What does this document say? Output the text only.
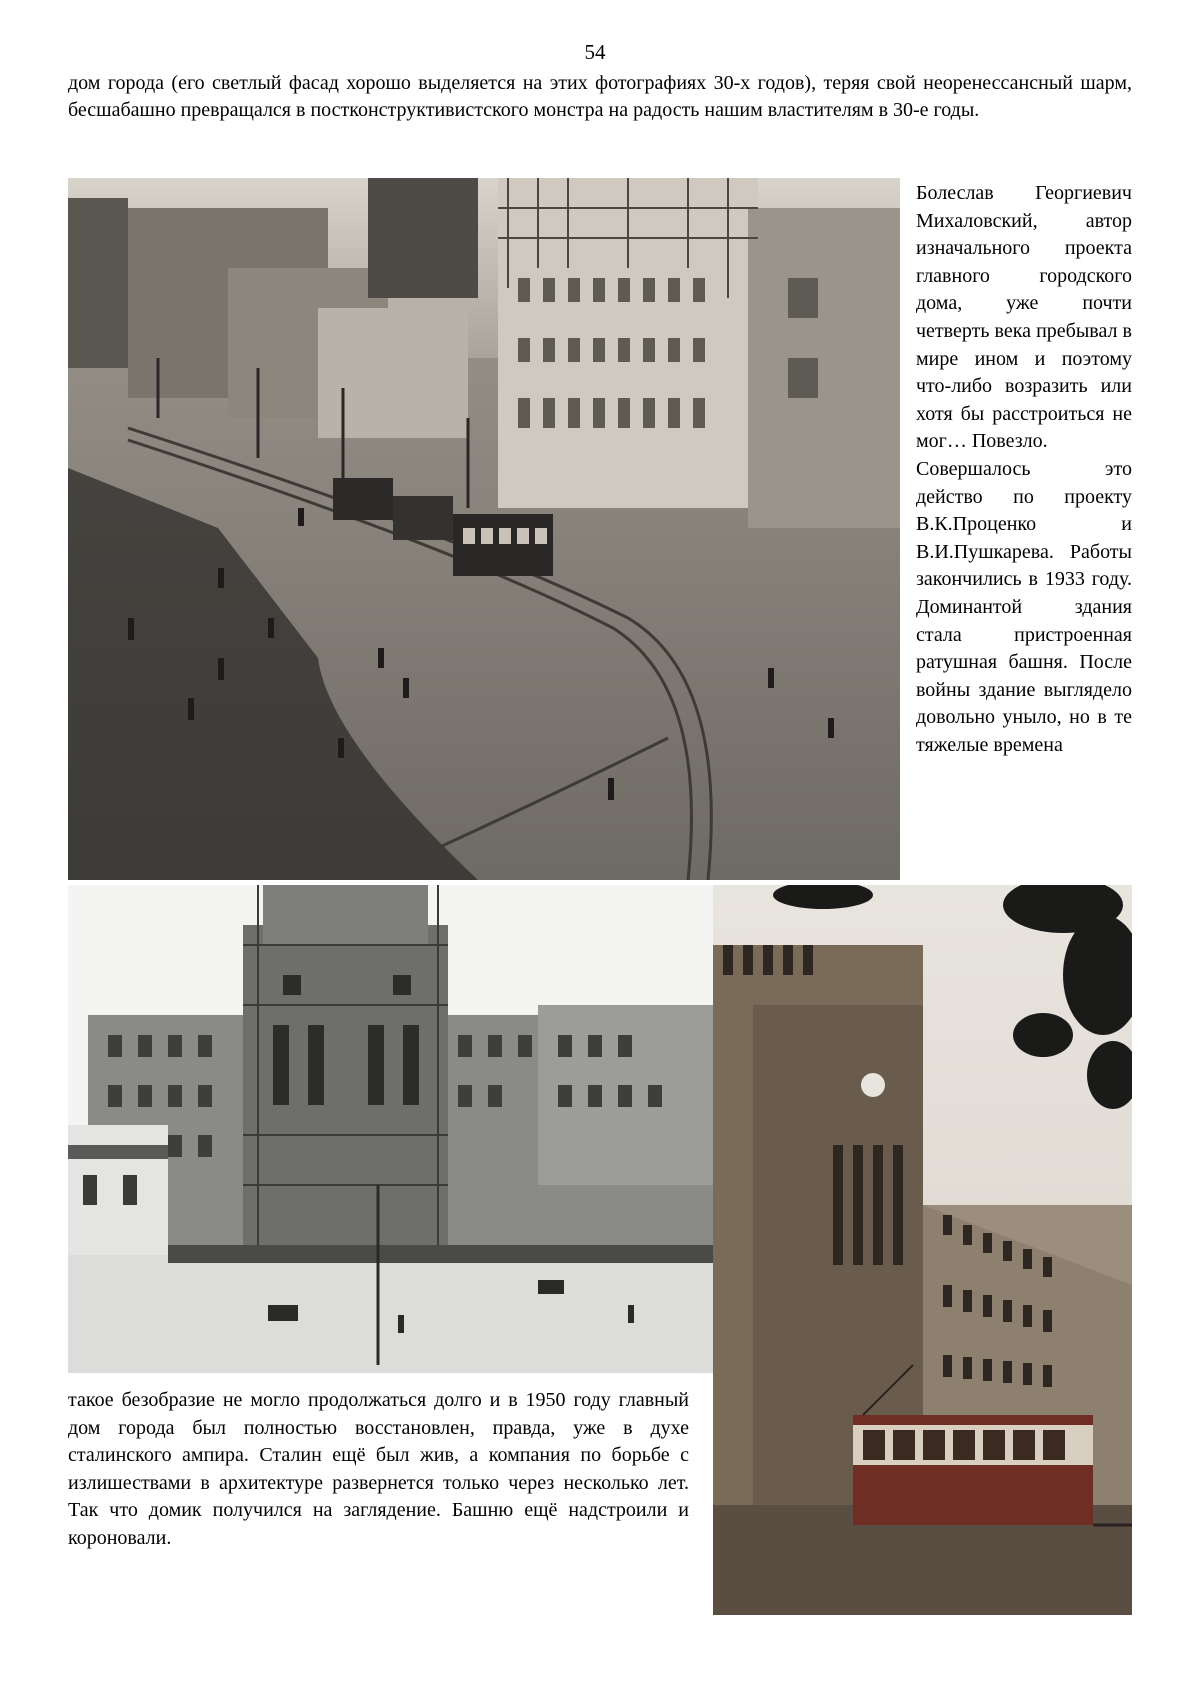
54

дом города (его светлый фасад хорошо выделяется на этих фотографиях 30-х годов), теряя свой неоренессансный шарм, бесшабашно превращался в постконструктивистского монстра на радость нашим властителям в 30-е годы.

Болеслав Георгиевич Михаловский, автор изначального проекта главного городского дома, уже почти четверть века пребывал в мире ином и поэтому что-либо возразить или хотя бы расстроиться не мог… Повезло.

Совершалось это действо по проекту В.К.Проценко и В.И.Пушкарева. Работы закончились в 1933 году. Доминантой здания стала пристроенная ратушная башня. После войны здание выглядело довольно уныло, но в те тяжелые времена

такое безобразие не могло продолжаться долго и в 1950 году главный дом города был полностью восстановлен, правда, уже в духе сталинского ампира. Сталин ещё был жив, а компания по борьбе с излишествами в архитектуре развернется только через несколько лет. Так что домик получился на заглядение. Башню ещё надстроили и короновали.
